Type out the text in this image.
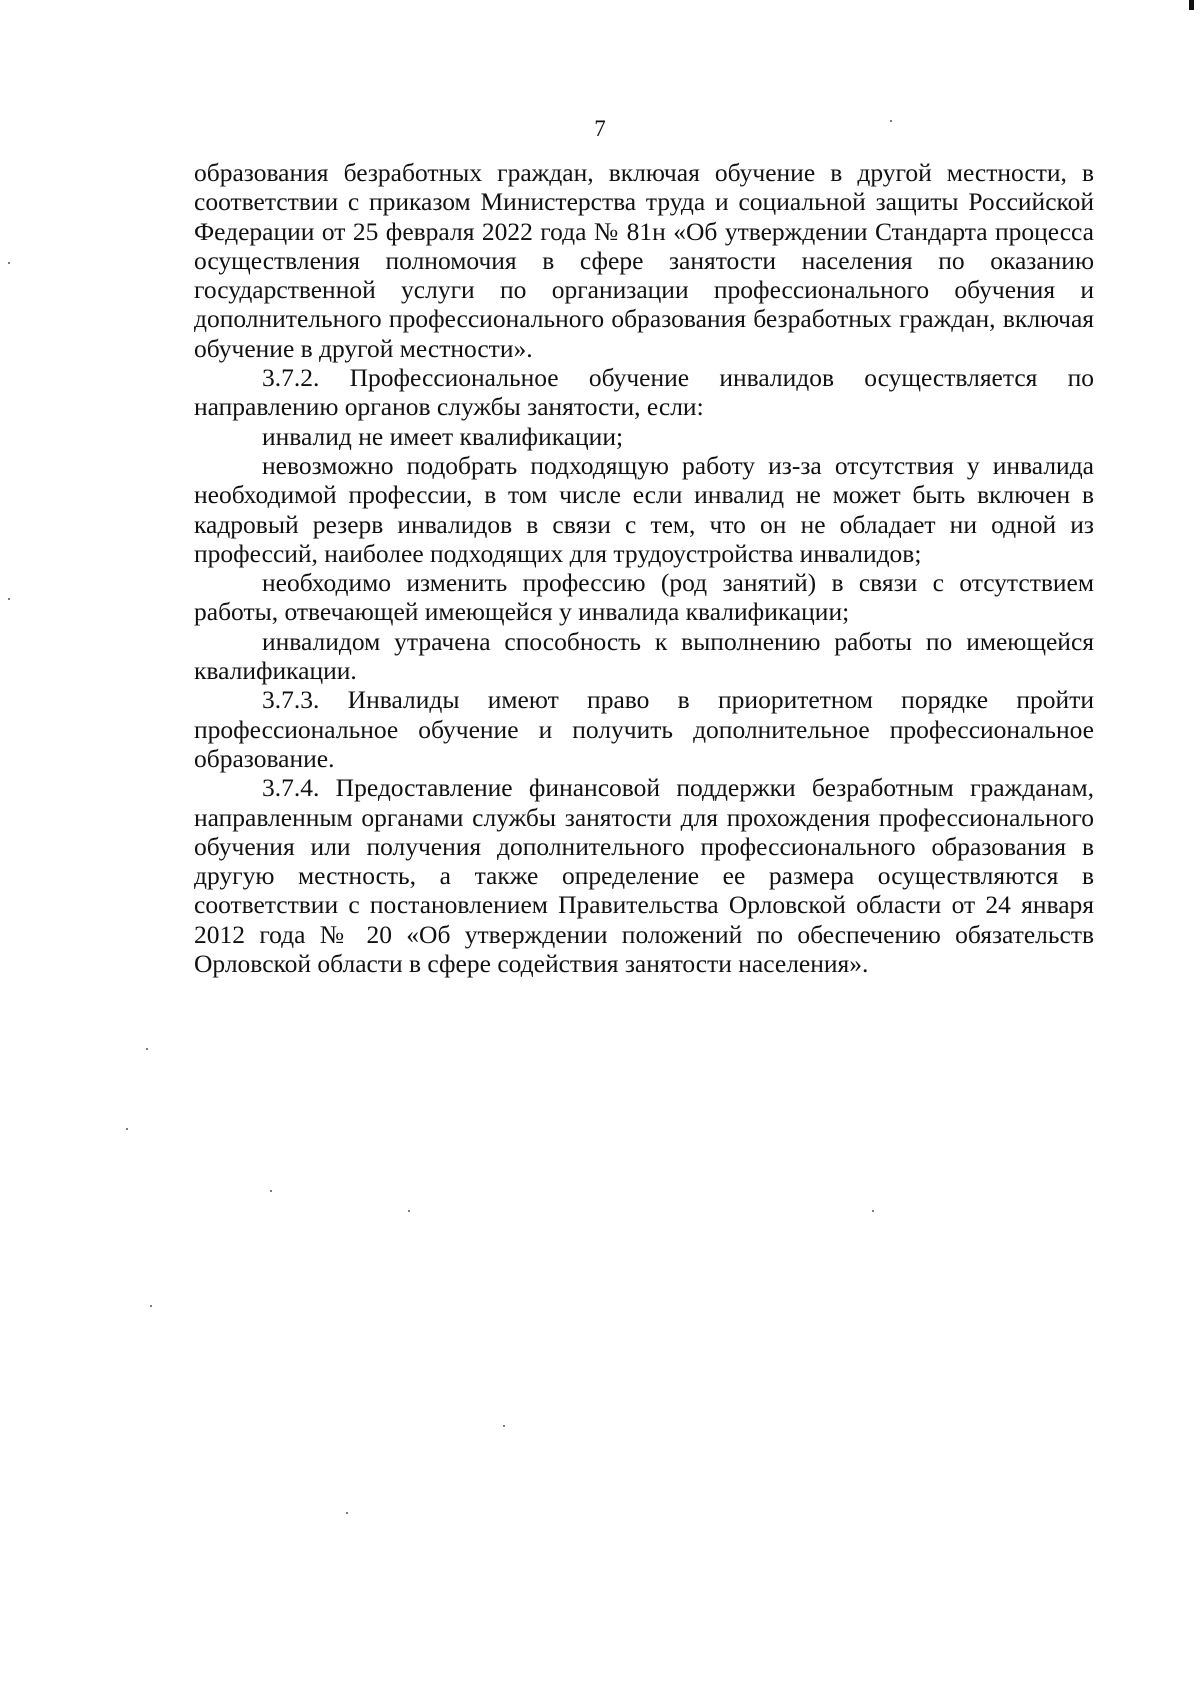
7

образования безработных граждан, включая обучение в другой местности, в соответствии с приказом Министерства труда и социальной защиты Российской Федерации от 25 февраля 2022 года № 81н «Об утверждении Стандарта процесса осуществления полномочия в сфере занятости населения по оказанию государственной услуги по организации профессионального обучения и дополнительного профессионального образования безработных граждан, включая обучение в другой местности».

3.7.2. Профессиональное обучение инвалидов осуществляется по направлению органов службы занятости, если:

инвалид не имеет квалификации;

невозможно подобрать подходящую работу из-за отсутствия у инвалида необходимой профессии, в том числе если инвалид не может быть включен в кадровый резерв инвалидов в связи с тем, что он не обладает ни одной из профессий, наиболее подходящих для трудоустройства инвалидов;

необходимо изменить профессию (род занятий) в связи с отсутствием работы, отвечающей имеющейся у инвалида квалификации;

инвалидом утрачена способность к выполнению работы по имеющейся квалификации.

3.7.3. Инвалиды имеют право в приоритетном порядке пройти профессиональное обучение и получить дополнительное профессиональное образование.

3.7.4. Предоставление финансовой поддержки безработным гражданам, направленным органами службы занятости для прохождения профессионального обучения или получения дополнительного профессионального образования в другую местность, а также определение ее размера осуществляются в соответствии с постановлением Правительства Орловской области от 24 января 2012 года № 20 «Об утверждении положений по обеспечению обязательств Орловской области в сфере содействия занятости населения».
